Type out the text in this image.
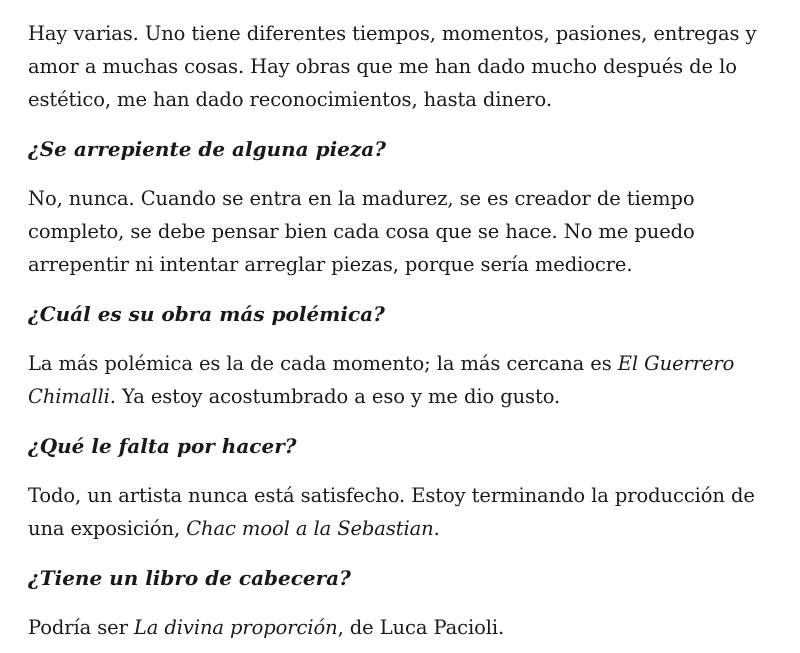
Hay varias. Uno tiene diferentes tiempos, momentos, pasiones, entregas y amor a muchas cosas. Hay obras que me han dado mucho después de lo estético, me han dado reconocimientos, hasta dinero.

¿Se arrepiente de alguna pieza?

No, nunca. Cuando se entra en la madurez, se es creador de tiempo completo, se debe pensar bien cada cosa que se hace. No me puedo arrepentir ni intentar arreglar piezas, porque sería mediocre.

¿Cuál es su obra más polémica?

La más polémica es la de cada momento; la más cercana es El Guerrero Chimalli. Ya estoy acostumbrado a eso y me dio gusto.

¿Qué le falta por hacer?

Todo, un artista nunca está satisfecho. Estoy terminando la producción de una exposición, Chac mool a la Sebastian.

¿Tiene un libro de cabecera?

Podría ser La divina proporción, de Luca Pacioli.
